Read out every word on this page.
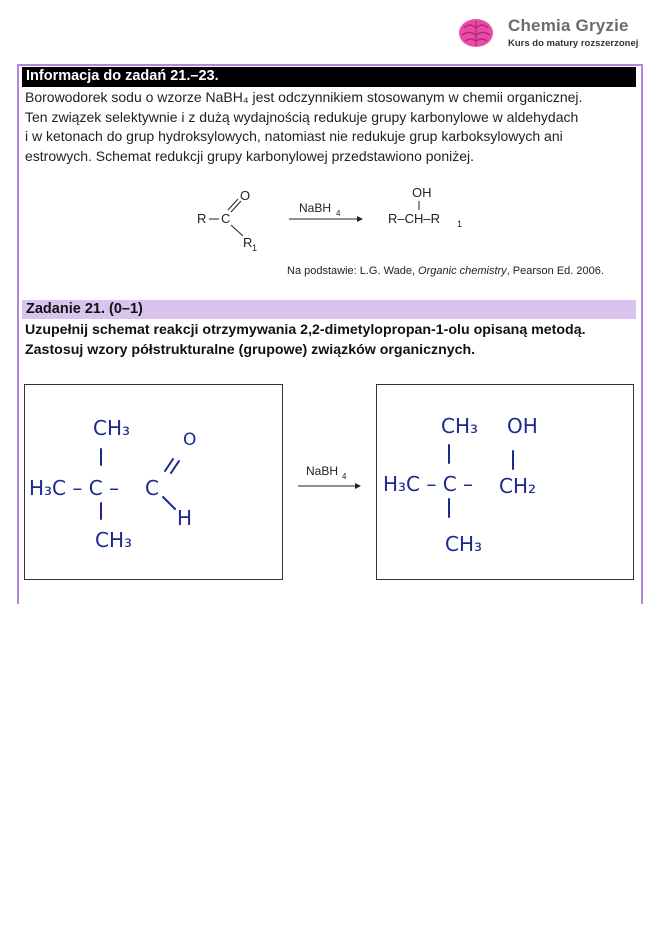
Chemia Gryzie
Kurs do matury rozszerzonej
Informacja do zadań 21.–23.
Borowodorek sodu o wzorze NaBH₄ jest odczynnikiem stosowanym w chemii organicznej.
Ten związek selektywnie i z dużą wydajnością redukuje grupy karbonylowe w aldehydach
i w ketonach do grup hydroksylowych, natomiast nie redukuje grup karboksylowych ani
estrowych. Schemat redukcji grupy karbonylowej przedstawiono poniżej.
R C
O
R 1
NaBH 4
OH
R–CH–R 1
Na podstawie: L.G. Wade, Organic chemistry, Pearson Ed. 2006.
Zadanie 21. (0–1)
Uzupełnij schemat reakcji otrzymywania 2,2-dimetylopropan-1-olu opisaną metodą.
Zastosuj wzory półstrukturalne (grupowe) związków organicznych.
CH₃
H₃C – C – C
O
H
CH₃
NaBH 4
CH₃ OH
H₃C – C – CH₂
CH₃
